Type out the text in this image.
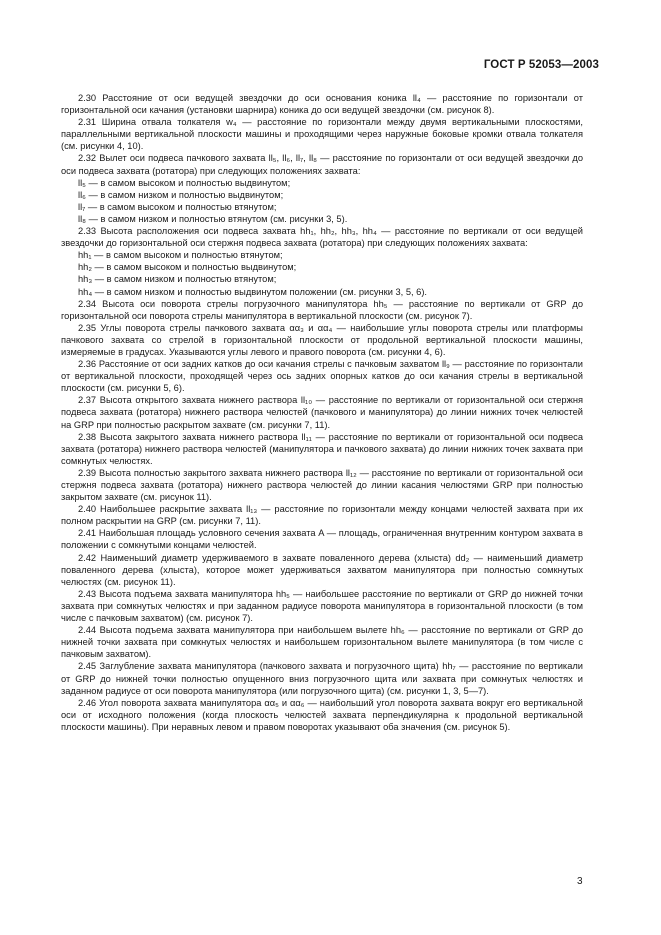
ГОСТ Р 52053—2003

2.30 Расстояние от оси ведущей звездочки до оси основания коника ll₄ — расстояние по горизонтали от горизонтальной оси качания (установки шарнира) коника до оси ведущей звездочки (см. рисунок 8).

2.31 Ширина отвала толкателя w₄ — расстояние по горизонтали между двумя вертикальными плоскостями, параллельными вертикальной плоскости машины и проходящими через наружные боковые кромки отвала толкателя (см. рисунки 4, 10).

2.32 Вылет оси подвеса пачкового захвата ll₅, ll₆, ll₇, ll₈ — расстояние по горизонтали от оси ведущей звездочки до оси подвеса захвата (ротатора) при следующих положениях захвата:

ll₅ — в самом высоком и полностью выдвинутом;

ll₆ — в самом низком и полностью выдвинутом;

ll₇ — в самом высоком и полностью втянутом;

ll₈ — в самом низком и полностью втянутом (см. рисунки 3, 5).

2.33 Высота расположения оси подвеса захвата hh₁, hh₂, hh₃, hh₄ — расстояние по вертикали от оси ведущей звездочки до горизонтальной оси стержня подвеса захвата (ротатора) при следующих положениях захвата:

hh₁ — в самом высоком и полностью втянутом;

hh₂ — в самом высоком и полностью выдвинутом;

hh₃ — в самом низком и полностью втянутом;

hh₄ — в самом низком и полностью выдвинутом положении (см. рисунки 3, 5, 6).

2.34 Высота оси поворота стрелы погрузочного манипулятора hh₅ — расстояние по вертикали от GRP до горизонтальной оси поворота стрелы манипулятора в вертикальной плоскости (см. рисунок 7).

2.35 Углы поворота стрелы пачкового захвата αα₃ и αα₄ — наибольшие углы поворота стрелы или платформы пачкового захвата со стрелой в горизонтальной плоскости от продольной вертикальной плоскости машины, измеряемые в градусах. Указываются углы левого и правого поворота (см. рисунки 4, 6).

2.36 Расстояние от оси задних катков до оси качания стрелы с пачковым захватом ll₉ — расстояние по горизонтали от вертикальной плоскости, проходящей через ось задних опорных катков до оси качания стрелы в вертикальной плоскости (см. рисунки 5, 6).

2.37 Высота открытого захвата нижнего раствора ll₁₀ — расстояние по вертикали от горизонтальной оси стержня подвеса захвата (ротатора) нижнего раствора челюстей (пачкового и манипулятора) до линии нижних точек челюстей на GRP при полностью раскрытом захвате (см. рисунки 7, 11).

2.38 Высота закрытого захвата нижнего раствора ll₁₁ — расстояние по вертикали от горизонтальной оси подвеса захвата (ротатора) нижнего раствора челюстей (манипулятора и пачкового захвата) до линии нижних точек захвата при сомкнутых челюстях.

2.39 Высота полностью закрытого захвата нижнего раствора ll₁₂ — расстояние по вертикали от горизонтальной оси стержня подвеса захвата (ротатора) нижнего раствора челюстей до линии касания челюстями GRP при полностью закрытом захвате (см. рисунок 11).

2.40 Наибольшее раскрытие захвата ll₁₃ — расстояние по горизонтали между концами челюстей захвата при их полном раскрытии на GRP (см. рисунки 7, 11).

2.41 Наибольшая площадь условного сечения захвата A — площадь, ограниченная внутренним контуром захвата в положении с сомкнутыми концами челюстей.

2.42 Наименьший диаметр удерживаемого в захвате поваленного дерева (хлыста) dd₂ — наименьший диаметр поваленного дерева (хлыста), которое может удерживаться захватом манипулятора при полностью сомкнутых челюстях (см. рисунок 11).

2.43 Высота подъема захвата манипулятора hh₅ — наибольшее расстояние по вертикали от GRP до нижней точки захвата при сомкнутых челюстях и при заданном радиусе поворота манипулятора в горизонтальной плоскости (в том числе с пачковым захватом) (см. рисунок 7).

2.44 Высота подъема захвата манипулятора при наибольшем вылете hh₆ — расстояние по вертикали от GRP до нижней точки захвата при сомкнутых челюстях и наибольшем горизонтальном вылете манипулятора (в том числе с пачковым захватом).

2.45 Заглубление захвата манипулятора (пачкового захвата и погрузочного щита) hh₇ — расстояние по вертикали от GRP до нижней точки полностью опущенного вниз погрузочного щита или захвата при сомкнутых челюстях и заданном радиусе от оси поворота манипулятора (или погрузочного щита) (см. рисунки 1, 3, 5—7).

2.46 Угол поворота захвата манипулятора αα₅ и αα₆ — наибольший угол поворота захвата вокруг его вертикальной оси от исходного положения (когда плоскость челюстей захвата перпендикулярна к продольной вертикальной плоскости машины). При неравных левом и правом поворотах указывают оба значения (см. рисунок 5).

3
